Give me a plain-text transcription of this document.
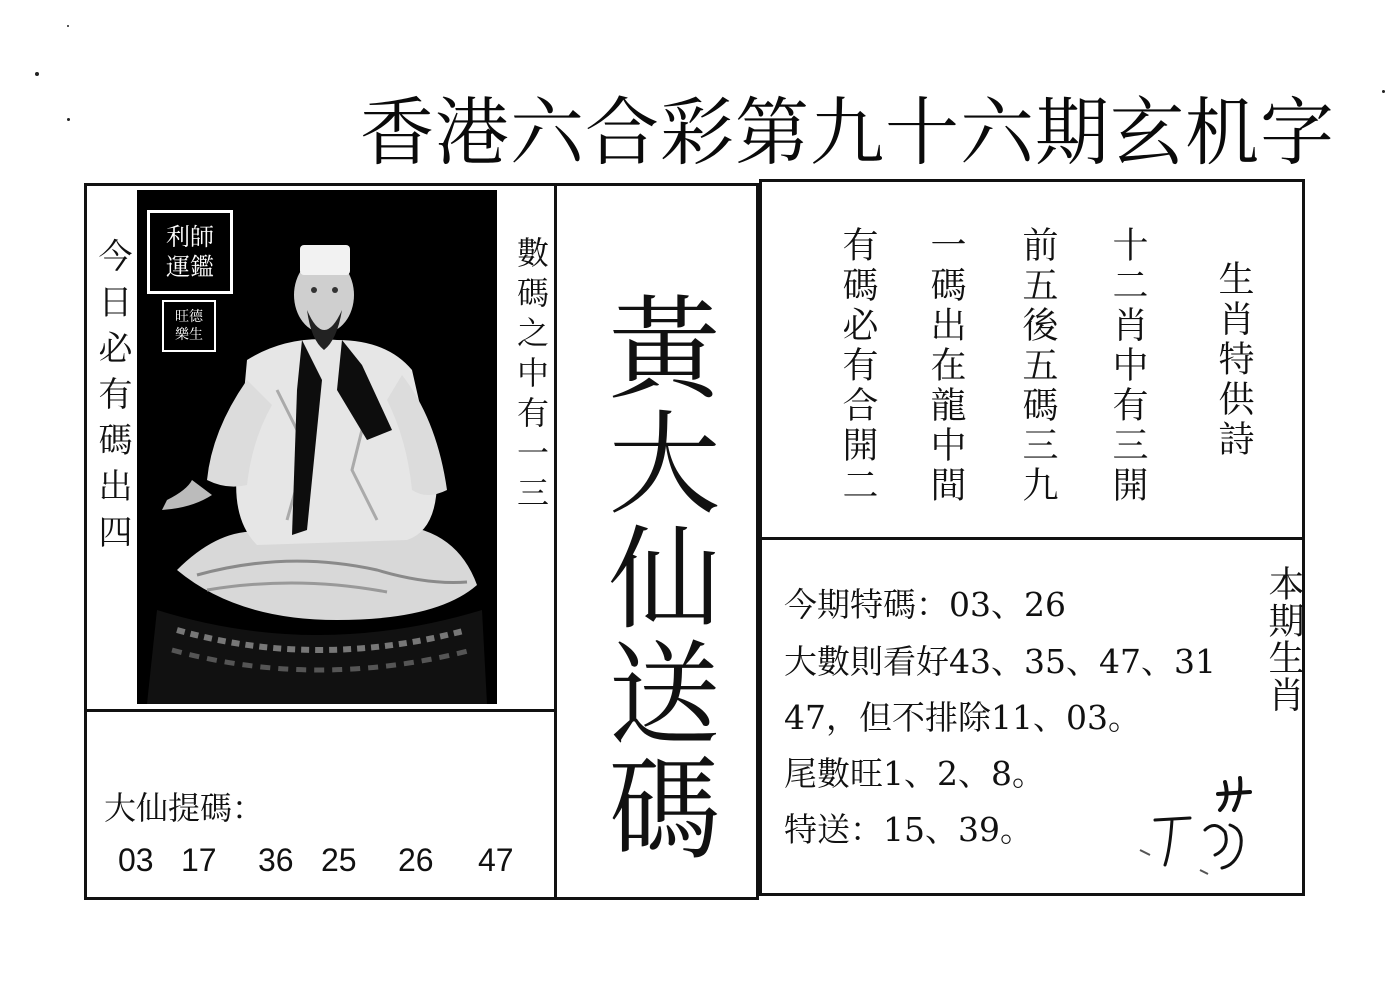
香港六合彩第九十六期玄机字
今日必有碼出四
利師運鑑
旺德樂生	數碼之中有一三 黃大仙送碼
大仙提碼：
03 17 36 25 26 47
有碼必有合開二 一碼出在龍中間 前五後五碼三九 十二肖中有三開 生肖特供詩
今期特碼：03、26
大數則看好43、35、47、31
47，但不排除11、03。
尾數旺1、2、8。
特送：15、39。
本期生肖
